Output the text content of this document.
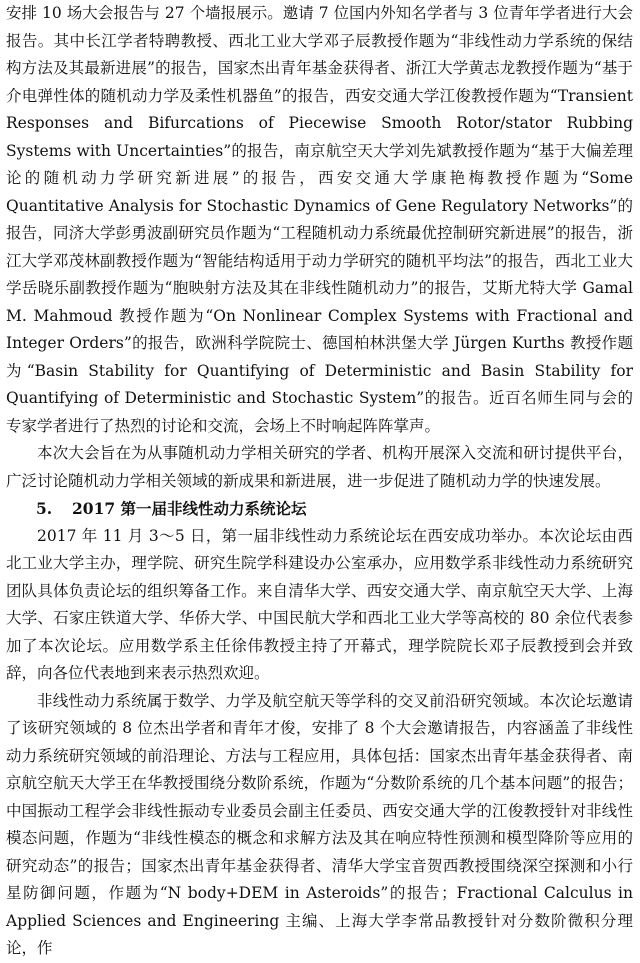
安排 10 场大会报告与 27 个墙报展示。邀请 7 位国内外知名学者与 3 位青年学者进行大会报告。其中长江学者特聘教授、西北工业大学邓子辰教授作题为“非线性动力学系统的保结构方法及其最新进展”的报告，国家杰出青年基金获得者、浙江大学黄志龙教授作题为“基于介电弹性体的随机动力学及柔性机器鱼”的报告，西安交通大学江俊教授作题为“Transient Responses and Bifurcations of Piecewise Smooth Rotor/stator Rubbing Systems with Uncertainties”的报告，南京航空天大学刘先斌教授作题为“基于大偏差理论的随机动力学研究新进展”的报告，西安交通大学康艳梅教授作题为“Some Quantitative Analysis for Stochastic Dynamics of Gene Regulatory Networks”的报告，同济大学彭勇波副研究员作题为“工程随机动力系统最优控制研究新进展”的报告，浙江大学邓茂林副教授作题为“智能结构适用于动力学研究的随机平均法”的报告，西北工业大学岳晓乐副教授作题为“胞映射方法及其在非线性随机动力”的报告，艾斯尤特大学 Gamal M. Mahmoud 教授作题为“On Nonlinear Complex Systems with Fractional and Integer Orders”的报告，欧洲科学院院士、德国柏林洪堡大学 Jürgen Kurths 教授作题为“Basin Stability for Quantifying of Deterministic and Basin Stability for Quantifying of Deterministic and Stochastic System”的报告。近百名师生同与会的专家学者进行了热烈的讨论和交流，会场上不时响起阵阵掌声。

本次大会旨在为从事随机动力学相关研究的学者、机构开展深入交流和研讨提供平台，广泛讨论随机动力学相关领域的新成果和新进展，进一步促进了随机动力学的快速发展。

5. 2017 第一届非线性动力系统论坛

2017 年 11 月 3～5 日，第一届非线性动力系统论坛在西安成功举办。本次论坛由西北工业大学主办，理学院、研究生院学科建设办公室承办，应用数学系非线性动力系统研究团队具体负责论坛的组织筹备工作。来自清华大学、西安交通大学、南京航空天大学、上海大学、石家庄铁道大学、华侨大学、中国民航大学和西北工业大学等高校的 80 余位代表参加了本次论坛。应用数学系主任徐伟教授主持了开幕式，理学院院长邓子辰教授到会并致辞，向各位代表地到来表示热烈欢迎。

非线性动力系统属于数学、力学及航空航天等学科的交叉前沿研究领域。本次论坛邀请了该研究领域的 8 位杰出学者和青年才俊，安排了 8 个大会邀请报告，内容涵盖了非线性动力系统研究领域的前沿理论、方法与工程应用，具体包括：国家杰出青年基金获得者、南京航空航天大学王在华教授围绕分数阶系统，作题为“分数阶系统的几个基本问题”的报告；中国振动工程学会非线性振动专业委员会副主任委员、西安交通大学的江俊教授针对非线性模态问题，作题为“非线性模态的概念和求解方法及其在响应特性预测和模型降阶等应用的研究动态”的报告；国家杰出青年基金获得者、清华大学宝音贺西教授围绕深空探测和小行星防御问题，作题为“N body+DEM in Asteroids”的报告；Fractional Calculus in Applied Sciences and Engineering 主编、上海大学李常品教授针对分数阶微积分理论，作
